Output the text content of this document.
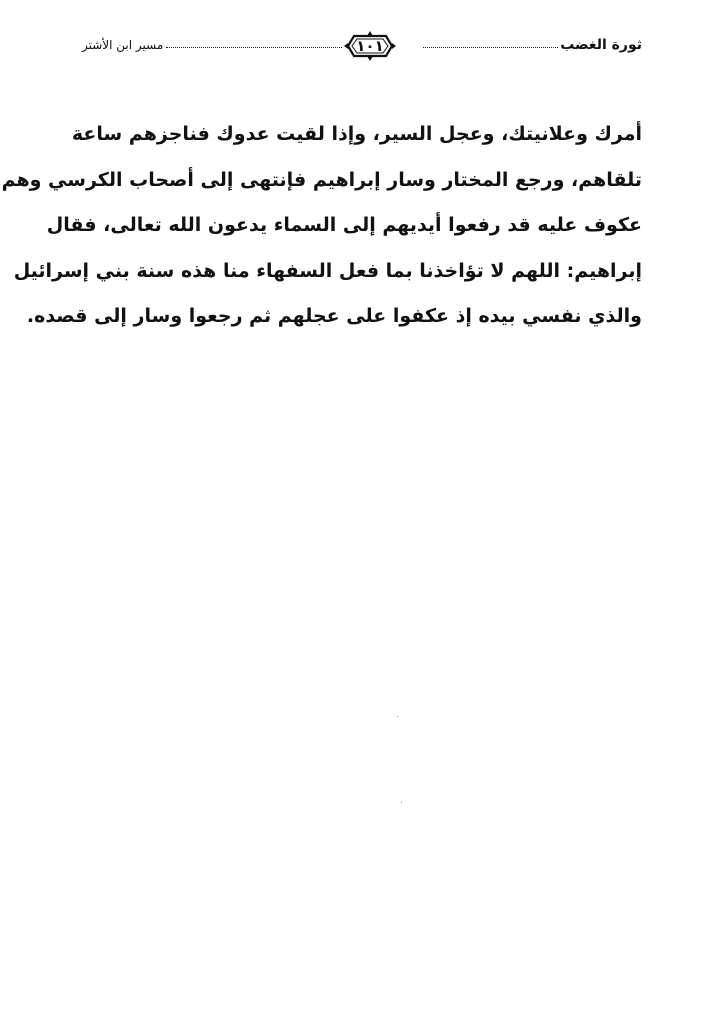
ثورة الغضب
١٠١
مسير ابن الأشتر
أمرك وعلانيتك، وعجل السير، وإذا لقيت عدوك فناجزهم ساعة
تلقاهم، ورجع المختار وسار إبراهيم فإنتهى إلى أصحاب الكرسي وهم
عكوف عليه قد رفعوا أيديهم إلى السماء يدعون الله تعالى، فقال
إبراهيم: اللهم لا تؤاخذنا بما فعل السفهاء منا هذه سنة بني إسرائيل
والذي نفسي بيده إذ عكفوا على عجلهم ثم رجعوا وسار إلى قصده.
